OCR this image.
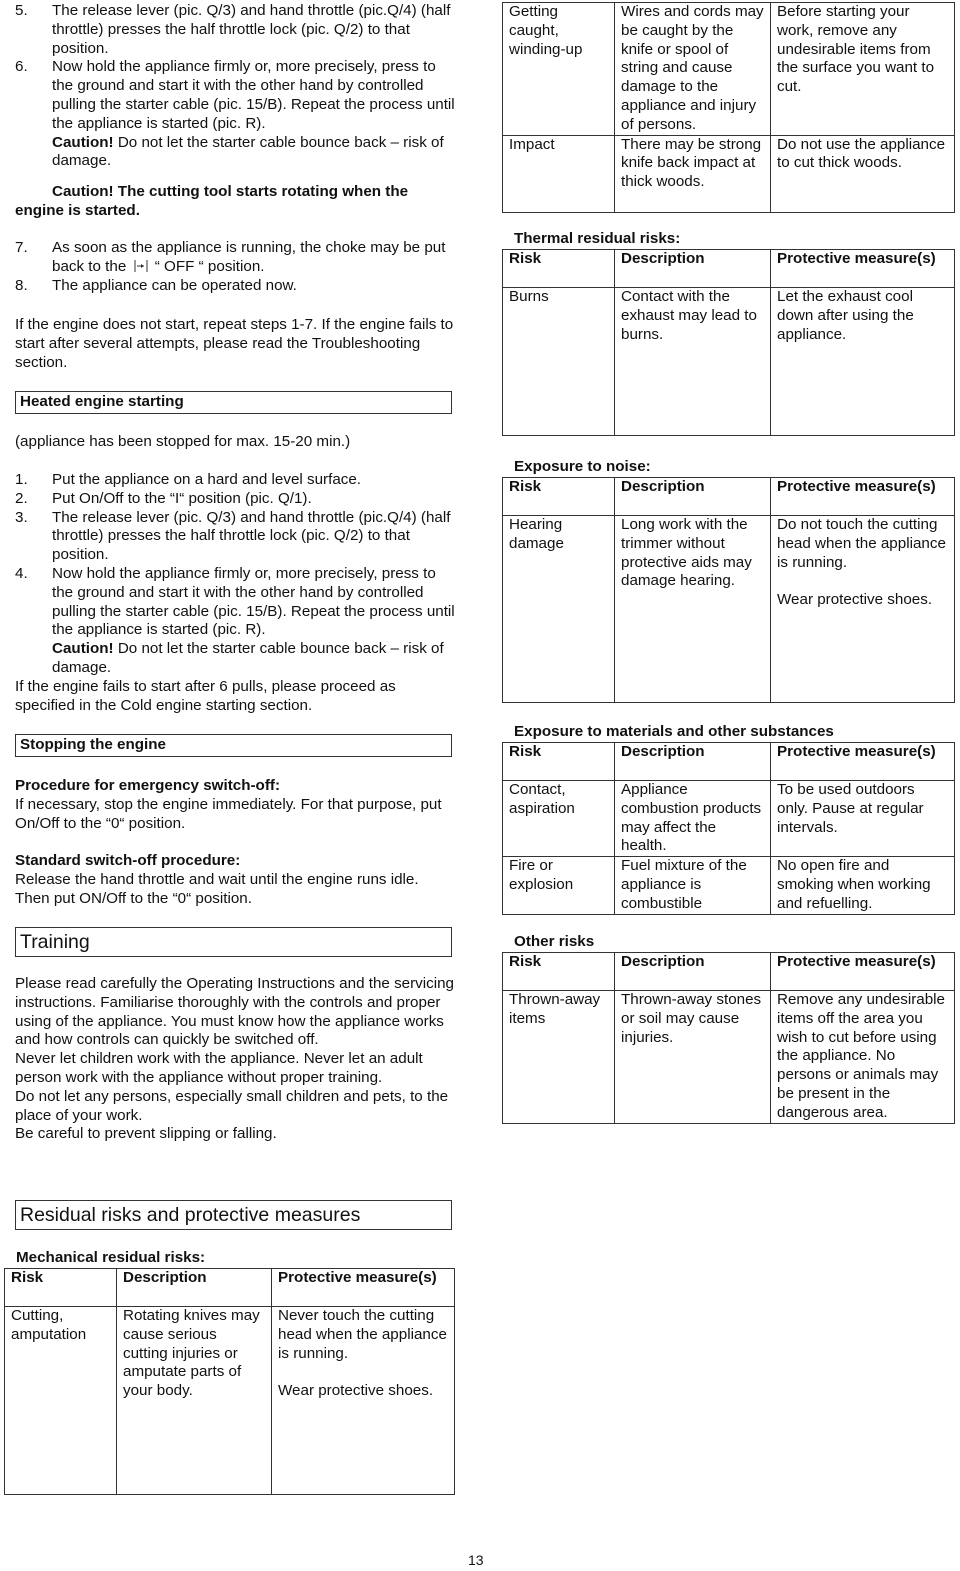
5. The release lever (pic. Q/3) and hand throttle (pic.Q/4) (half throttle) presses the half throttle lock (pic. Q/2) to that position.
6. Now hold the appliance firmly or, more precisely, press to the ground and start it with the other hand by controlled pulling the starter cable (pic. 15/B). Repeat the process until the appliance is started (pic. R).
Caution! Do not let the starter cable bounce back – risk of damage.
Caution! The cutting tool starts rotating when the engine is started.
7. As soon as the appliance is running, the choke may be put back to the “ OFF “ position.
8. The appliance can be operated now.

If the engine does not start, repeat steps 1-7. If the engine fails to start after several attempts, please read the Troubleshooting section.

Heated engine starting

(appliance has been stopped for max. 15-20 min.)

1. Put the appliance on a hard and level surface.
2. Put On/Off to the “I“ position (pic. Q/1).
3. The release lever (pic. Q/3) and hand throttle (pic.Q/4) (half throttle) presses the half throttle lock (pic. Q/2) to that position.
4. Now hold the appliance firmly or, more precisely, press to the ground and start it with the other hand by controlled pulling the starter cable (pic. 15/B). Repeat the process until the appliance is started (pic. R).
Caution! Do not let the starter cable bounce back – risk of damage.

If the engine fails to start after 6 pulls, please proceed as specified in the Cold engine starting section.

Stopping the engine
Procedure for emergency switch-off:

If necessary, stop the engine immediately. For that purpose, put On/Off to the “0“ position.

Standard switch-off procedure:

Release the hand throttle and wait until the engine runs idle. Then put ON/Off to the “0“ position.

Training

Please read carefully the Operating Instructions and the servicing instructions. Familiarise thoroughly with the controls and proper using of the appliance. You must know how the appliance works and how controls can quickly be switched off.

Never let children work with the appliance. Never let an adult person work with the appliance without proper training.

Do not let any persons, especially small children and pets, to the place of your work.

Be careful to prevent slipping or falling.

Residual risks and protective measures
Mechanical residual risks:
Risk	Description	Protective measure(s)
Cutting, amputation	Rotating knives may cause serious cutting injuries or amputate parts of your body.	Never touch the cutting head when the appliance is running.

Wear protective shoes.
Getting caught, winding-up	Wires and cords may be caught by the knife or spool of string and cause damage to the appliance and injury of persons.	Before starting your work, remove any undesirable items from the surface you want to cut.
Impact	There may be strong knife back impact at thick woods.	Do not use the appliance to cut thick woods.
Thermal residual risks:
Risk	Description	Protective measure(s)
Burns	Contact with the exhaust may lead to burns.	Let the exhaust cool down after using the appliance.
Exposure to noise:
Risk	Description	Protective measure(s)
Hearing damage	Long work with the trimmer without protective aids may damage hearing.	Do not touch the cutting head when the appliance is running.

Wear protective shoes.
Exposure to materials and other substances
Risk	Description	Protective measure(s)
Contact, aspiration	Appliance combustion products may affect the health.	To be used outdoors only. Pause at regular intervals.
Fire or explosion	Fuel mixture of the appliance is combustible	No open fire and smoking when working and refuelling.
Other risks
Risk	Description	Protective measure(s)
Thrown-away items	Thrown-away stones or soil may cause injuries.	Remove any undesirable items off the area you wish to cut before using the appliance. No persons or animals may be present in the dangerous area.
13
